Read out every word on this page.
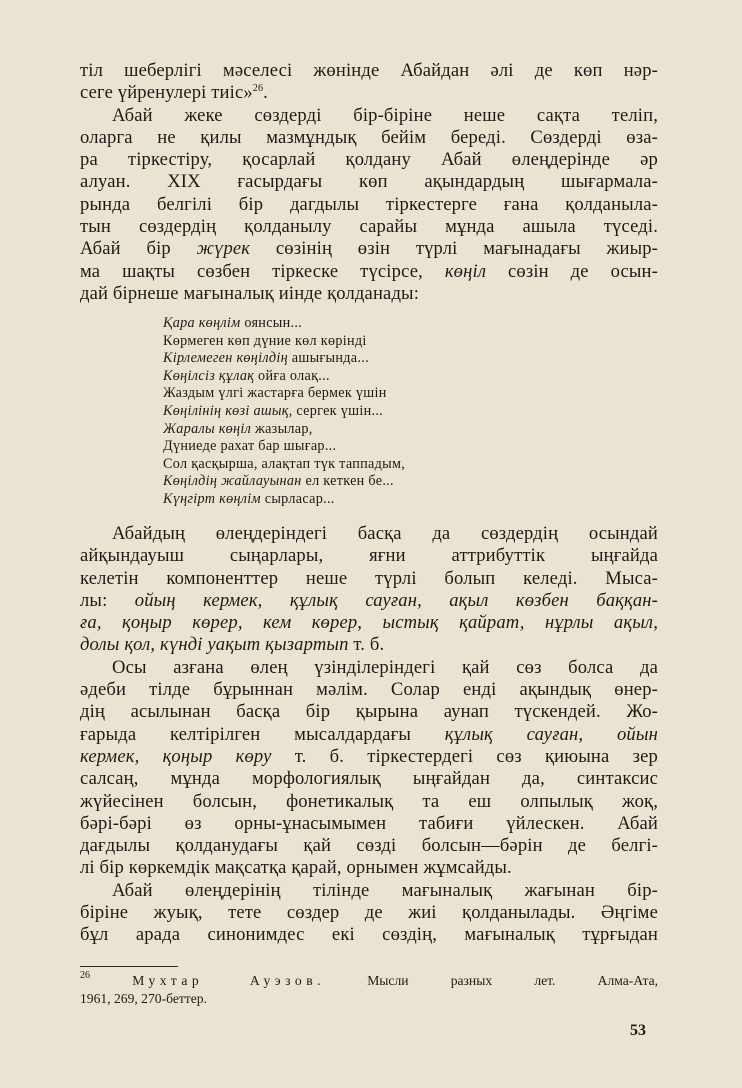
тіл шеберлігі мәселесі жөнінде Абайдан әлі де көп нәр-
сеге үйренулері тиіс»$^{26}$.
Абай жеке сөздерді бір-біріне неше сақта теліп,
оларга не қилы мазмұндық бейім береді. Сөздерді өза-
ра тіркестіру, қосарлай қолдану Абай өлеңдерінде әр
алуан. XIX ғасырдағы көп ақындардың шығармала-
рында белгілі бір дагдылы тіркестерге ғана қолданыла-
тын сөздердің қолданылу сарайы мұнда ашыла түседі.
Абай бір жүрек сөзінің өзін түрлі мағынадағы жиыр-
ма шақты сөзбен тіркеске түсірсе, көңіл сөзін де осын-
дай бірнеше мағыналық иінде қолданады:
Қара көңлім оянсын...
Көрмеген көп дүние көл көрінді
Кірлемеген көңілдің ашығында...
Көңілсіз құлақ ойға олақ...
Жаздым үлгі жастарға бермек үшін
Көңілінің көзі ашық, сергек үшін...
Жаралы көңіл жазылар,
Дүниеде рахат бар шығар...
Сол қасқырша, алақтап түк таппадым,
Көңілдің жайлауынан ел кеткен бе...
Күңгірт көңлім сырласар...
Абайдың өлеңдеріндегі басқа да сөздердің осындай
айқындауыш сыңарлары, яғни аттрибуттік ыңғайда
келетін компоненттер неше түрлі болып келеді. Мыса-
лы: ойың кермек, құлық сауған, ақыл көзбен баққан-
ға, қоңыр көрер, кем көрер, ыстық қайрат, нұрлы ақыл,
долы қол, күнді уақыт қызартып т. б.
Осы азғана өлең үзінділеріндегі қай сөз болса да
әдеби тілде бұрыннан мәлім. Солар енді ақындық өнер-
дің асылынан басқа бір қырына аунап түскендей. Жо-
ғарыда келтірілген мысалдардағы құлық сауған, ойын
кермек, қоңыр көру т. б. тіркестердегі сөз қиюына зер
салсаң, мұнда морфологиялық ыңғайдан да, синтаксис
жүйесінен болсын, фонетикалық та еш олпылық жоқ,
бәрі-бәрі өз орны-ұнасымымен табиғи үйлескен. Абай
дағдылы қолданудағы қай сөзді болсын—бәрін де белгі-
лі бір көркемдік мақсатқа қарай, орнымен жұмсайды.
Абай өлеңдерінің тілінде мағыналық жағынан бір-
біріне жуық, тете сөздер де жиі қолданылады. Әңгіме
бұл арада синонимдес екі сөздің, мағыналық тұрғыдан
$^{26}$	Мухтар Ауэзов. Мысли разных лет. Алма-Ата,
1961, 269, 270-беттер.
53
